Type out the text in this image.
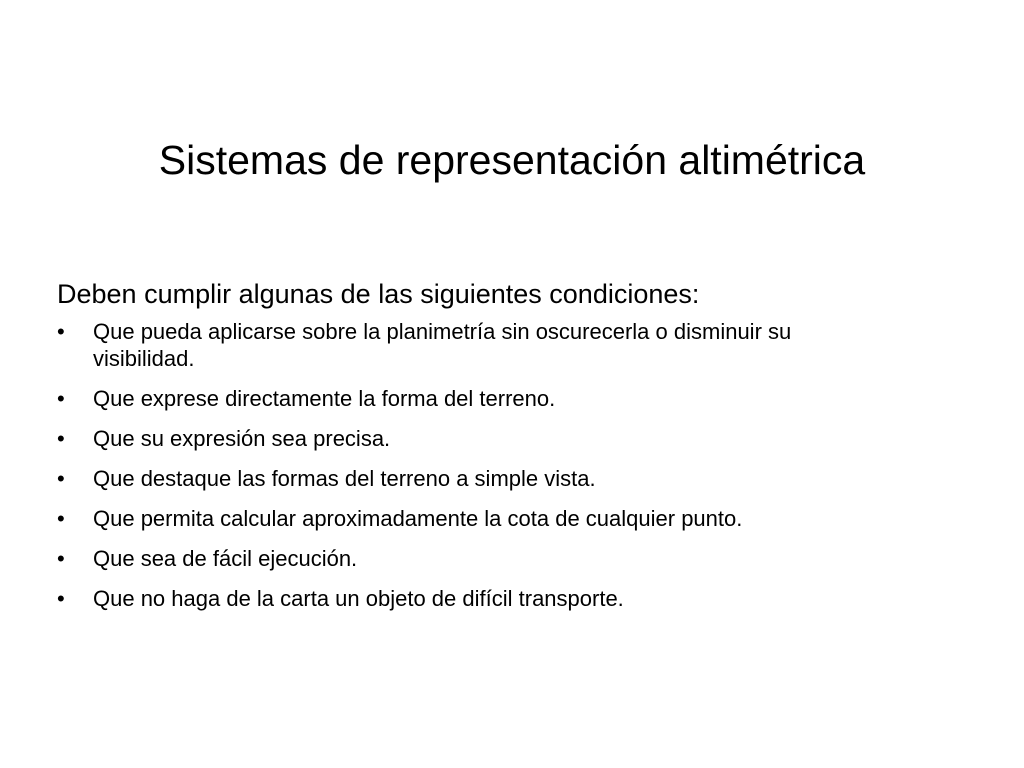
Sistemas de representación altimétrica

Deben cumplir algunas de las siguientes condiciones:

•	Que pueda aplicarse sobre la planimetría sin oscurecerla o disminuir su visibilidad.
•	Que exprese directamente la forma del terreno.
•	Que su expresión sea precisa.
•	Que destaque las formas del terreno a simple vista.
•	Que permita calcular aproximadamente la cota de cualquier punto.
•	Que sea de fácil ejecución.
•	Que no haga de la carta un objeto de difícil transporte.
